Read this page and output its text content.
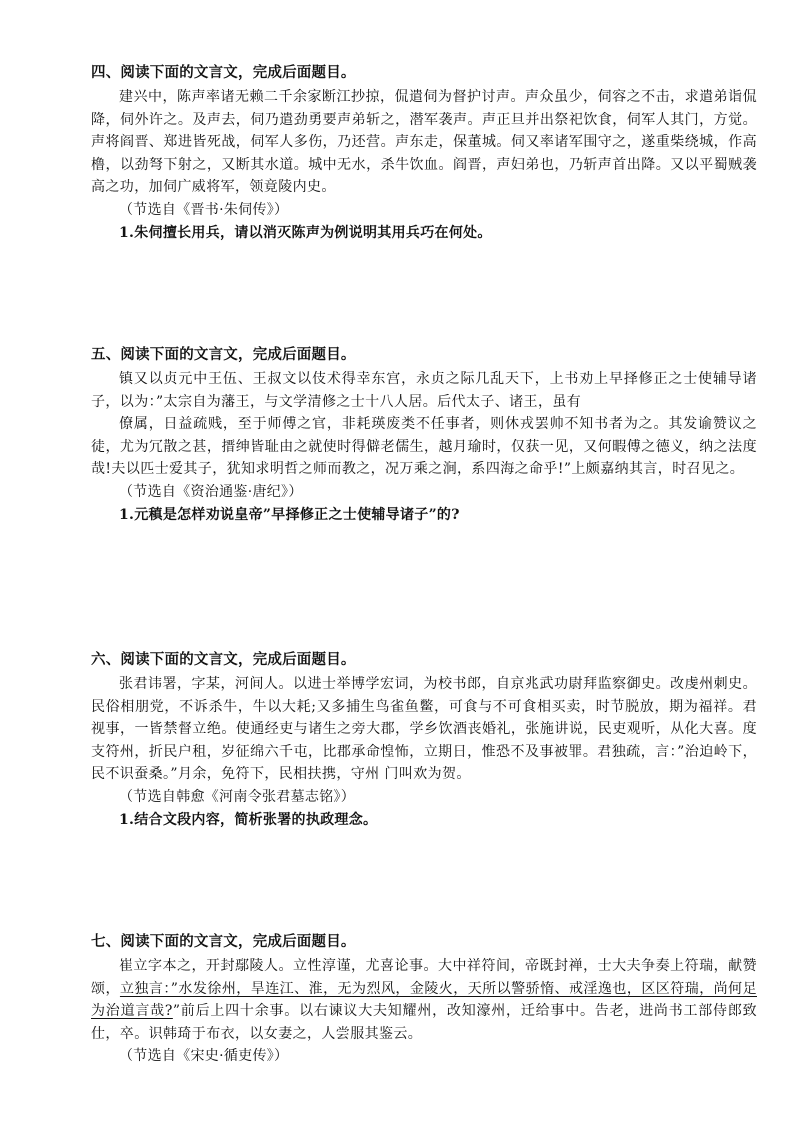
四、阅读下面的文言文，完成后面题目。
建兴中，陈声率诸无赖二千余家断江抄掠，侃遣伺为督护讨声。声众虽少，伺容之不击，求遣弟诣侃降，伺外许之。及声去，伺乃遣劲勇要声弟斩之，潜军袭声。声正旦并出祭祀饮食，伺军人其门，方觉。声将阎晋、郑进皆死战，伺军人多伤，乃还营。声东走，保董城。伺又率诸军围守之，遂重柴绕城，作高橹，以劲弩下射之，又断其水道。城中无水，杀牛饮血。阎晋，声妇弟也，乃斩声首出降。又以平蜀贼袭高之功，加伺广威将军，领竟陵内史。
（节选自《晋书·朱伺传》）
1.朱伺擅长用兵，请以消灭陈声为例说明其用兵巧在何处。
五、阅读下面的文言文，完成后面题目。

镇又以贞元中王伍、王叔文以伎术得幸东宫，永贞之际几乱天下，上书劝上早择修正之士使辅导诸子，以为：”太宗自为藩王，与文学清修之士十八人居。后代太子、诸王，虽有

僚属，日益疏贱，至于师傅之官，非耗瑛废类不任事者，则休戎罢帅不知书者为之。其发谕赞议之徒，尤为冗散之甚，搢绅皆耻由之就使时得僻老儒生，越月瑜时，仅获一见，又何暇傅之德义，纳之法度哉!夫以匹士爱其子，犹知求明哲之师而教之，况万乘之涧，系四海之命乎!”上颇嘉纳其言，时召见之。

（节选自《资治通鉴·唐纪》）
1.元稹是怎样劝说皇帝”早择修正之士使辅导诸子”的?
六、阅读下面的文言文，完成后面题目。
张君讳署，字某，河间人。以进士举博学宏词，为校书郎，自京兆武功尉拜监察御史。改虔州刺史。民俗相朋党，不诉杀牛，牛以大耗;又多捕生鸟雀鱼鳖，可食与不可食相买卖，时节脱放，期为福祥。君视事，一皆禁督立绝。使通经吏与诸生之旁大郡，学乡饮酒丧婚礼，张施讲说，民吏观听，从化大喜。度支符州，折民户租，岁征绵六千屯，比郡承命惶怖，立期日，惟恐不及事被罪。君独疏，言：”治迫岭下，民不识蚕桑。”月余，免符下，民相扶携，守州 门叫欢为贺。
（节选自韩愈《河南令张君墓志铭》）
1.结合文段内容，简析张署的执政理念。
七、阅读下面的文言文，完成后面题目。
崔立字本之，开封鄢陵人。立性淳谨，尤喜论事。大中祥符间，帝既封禅，士大夫争奏上符瑞，献赞颂，立独言：”水发徐州，旱连江、淮，无为烈风，金陵火，天所以警骄惰、戒淫逸也，区区符瑞，尚何足为治道言哉?”前后上四十余事。以右谏议大夫知耀州，改知濠州，迁给事中。告老，进尚书工部侍郎致仕，卒。识韩琦于布衣，以女妻之，人尝服其鉴云。
（节选自《宋史·循吏传》）
